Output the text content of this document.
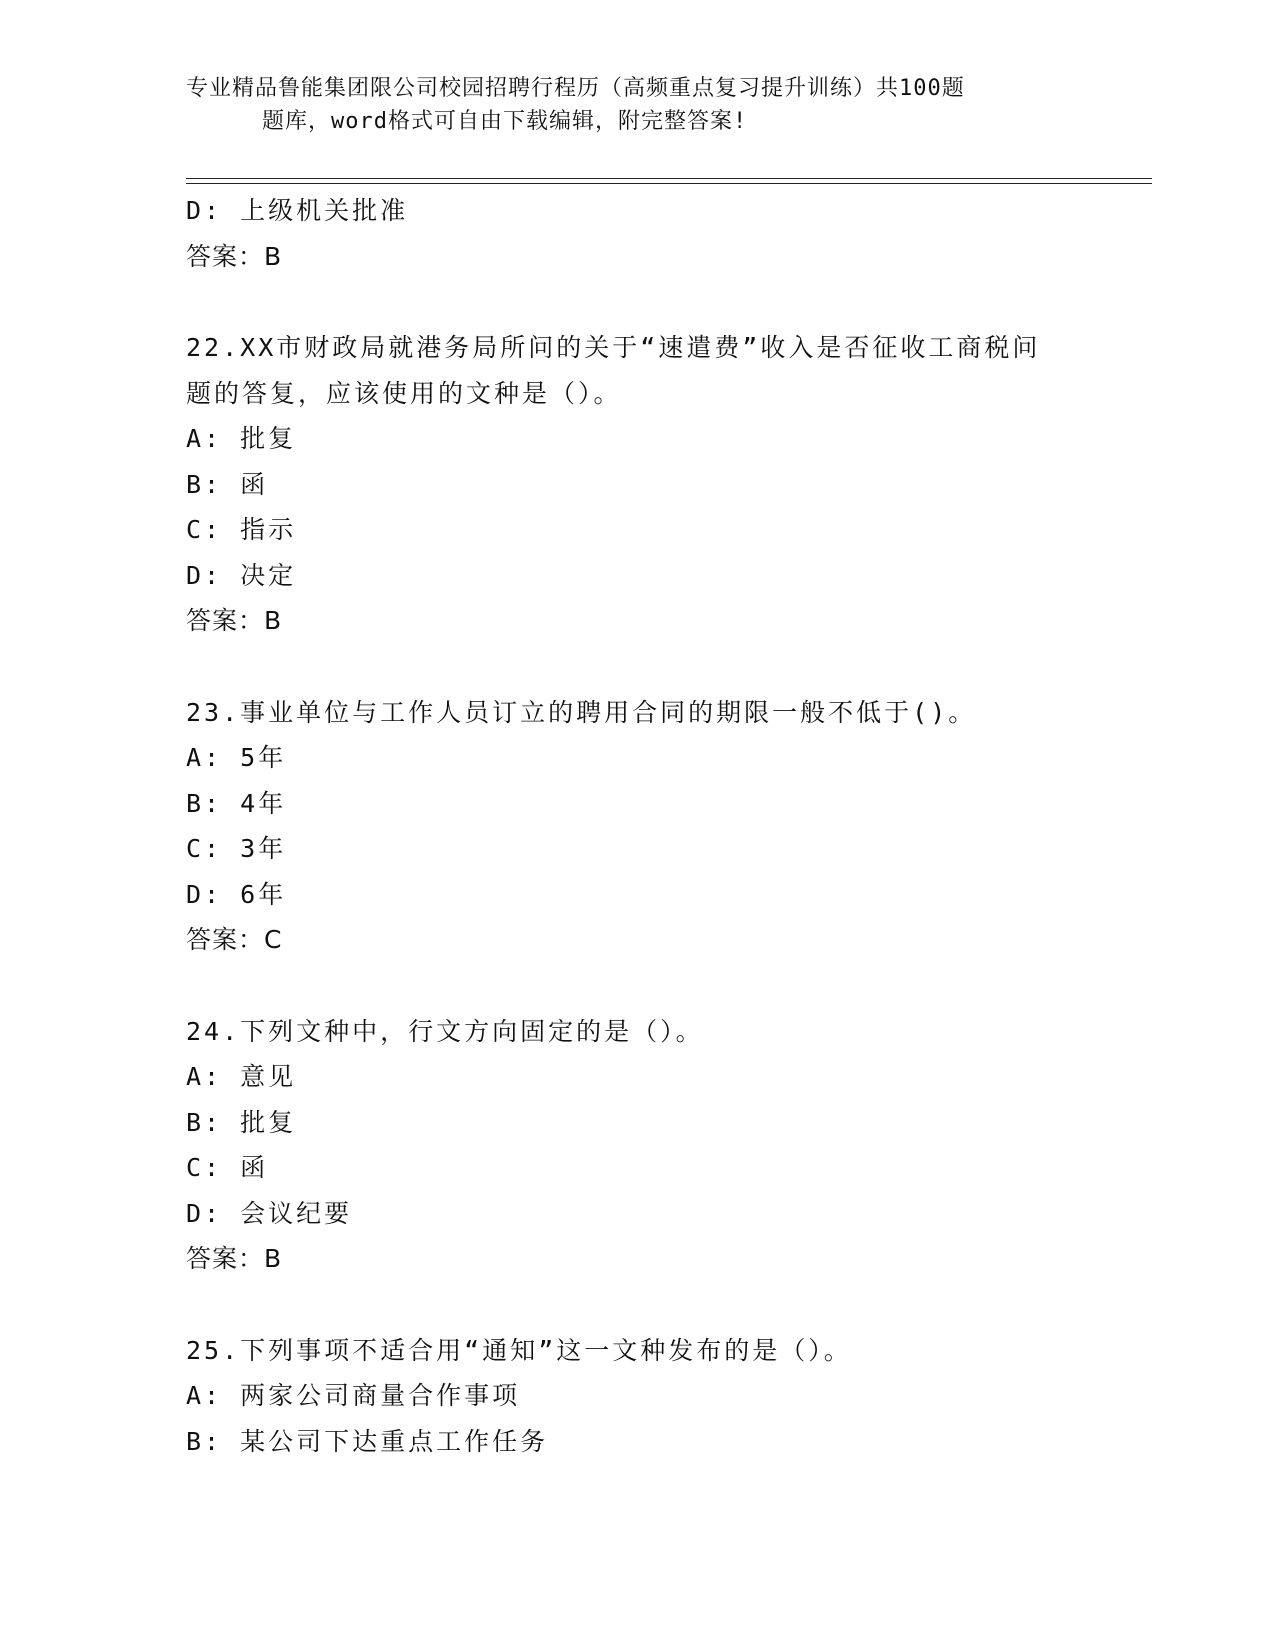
专业精品鲁能集团限公司校园招聘行程历（高频重点复习提升训练）共100题
题库，word格式可自由下载编辑，附完整答案!
D: 上级机关批准
答案：B
22.XX市财政局就港务局所问的关于“速遣费”收入是否征收工商税问
题的答复，应该使用的文种是（）。
A: 批复
B: 函
C: 指示
D: 决定
答案：B
23.事业单位与工作人员订立的聘用合同的期限一般不低于()。
A: 5年
B: 4年
C: 3年
D: 6年
答案：C
24.下列文种中，行文方向固定的是（）。
A: 意见
B: 批复
C: 函
D: 会议纪要
答案：B
25.下列事项不适合用“通知”这一文种发布的是（）。
A: 两家公司商量合作事项
B: 某公司下达重点工作任务
